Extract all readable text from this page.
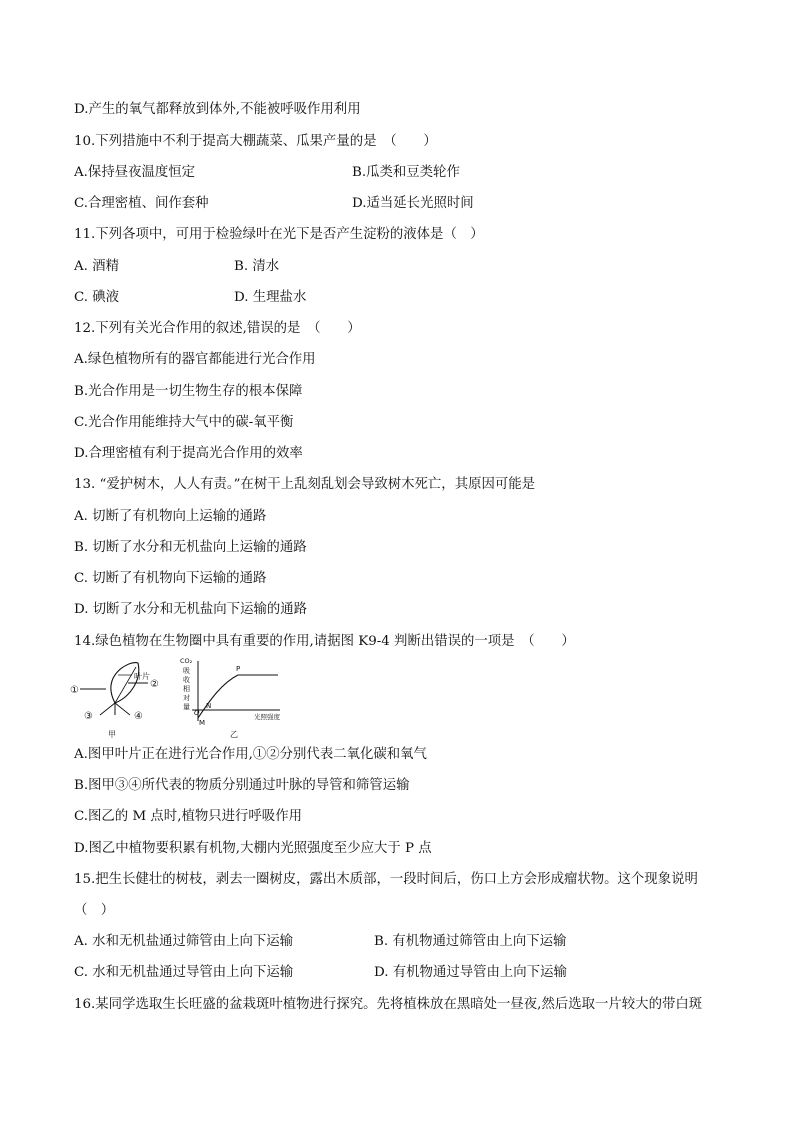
D.产生的氧气都释放到体外,不能被呼吸作用利用
10.下列措施中不利于提高大棚蔬菜、瓜果产量的是　（　　）
A.保持昼夜温度恒定	B.瓜类和豆类轮作
C.合理密植、间作套种	D.适当延长光照时间
11.下列各项中，可用于检验绿叶在光下是否产生淀粉的液体是（　）
A. 酒精	B. 清水
C. 碘液	D. 生理盐水
12.下列有关光合作用的叙述,错误的是　（　　）
A.绿色植物所有的器官都能进行光合作用
B.光合作用是一切生物生存的根本保障
C.光合作用能维持大气中的碳-氧平衡
D.合理密植有利于提高光合作用的效率
13. “爱护树木，人人有责。”在树干上乱刻乱划会导致树木死亡，其原因可能是
A. 切断了有机物向上运输的通路
B. 切断了水分和无机盐向上运输的通路
C. 切断了有机物向下运输的通路
D. 切断了水分和无机盐向下运输的通路
14.绿色植物在生物圈中具有重要的作用,请据图 K9-4 判断出错误的一项是　（　　）
①
②
③	④
叶片
甲
CO₂
吸
收
相
对
量
O
P
N
M
光照强度
乙
A.图甲叶片正在进行光合作用,①②分别代表二氧化碳和氧气
B.图甲③④所代表的物质分别通过叶脉的导管和筛管运输
C.图乙的 M 点时,植物只进行呼吸作用
D.图乙中植物要积累有机物,大棚内光照强度至少应大于 P 点
15.把生长健壮的树枝，剥去一圈树皮，露出木质部，一段时间后，伤口上方会形成瘤状物。这个现象说明
（　）
A. 水和无机盐通过筛管由上向下运输	B. 有机物通过筛管由上向下运输
C. 水和无机盐通过导管由上向下运输	D. 有机物通过导管由上向下运输
16.某同学选取生长旺盛的盆栽斑叶植物进行探究。先将植株放在黑暗处一昼夜,然后选取一片较大的带白斑
